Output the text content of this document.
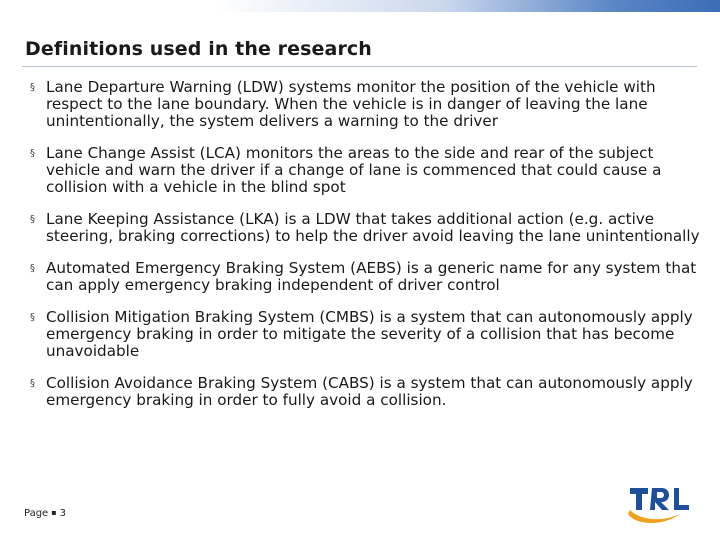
Definitions used in the research
§ Lane Departure Warning (LDW) systems monitor the position of the vehicle with respect to the lane boundary. When the vehicle is in danger of leaving the lane unintentionally, the system delivers a warning to the driver
§ Lane Change Assist (LCA) monitors the areas to the side and rear of the subject vehicle and warn the driver if a change of lane is commenced that could cause a collision with a vehicle in the blind spot
§ Lane Keeping Assistance (LKA) is a LDW that takes additional action (e.g. active steering, braking corrections) to help the driver avoid leaving the lane unintentionally
§ Automated Emergency Braking System (AEBS) is a generic name for any system that can apply emergency braking independent of driver control
§ Collision Mitigation Braking System (CMBS) is a system that can autonomously apply emergency braking in order to mitigate the severity of a collision that has become unavoidable
§ Collision Avoidance Braking System (CABS) is a system that can autonomously apply emergency braking in order to fully avoid a collision.
Page ▪ 3
